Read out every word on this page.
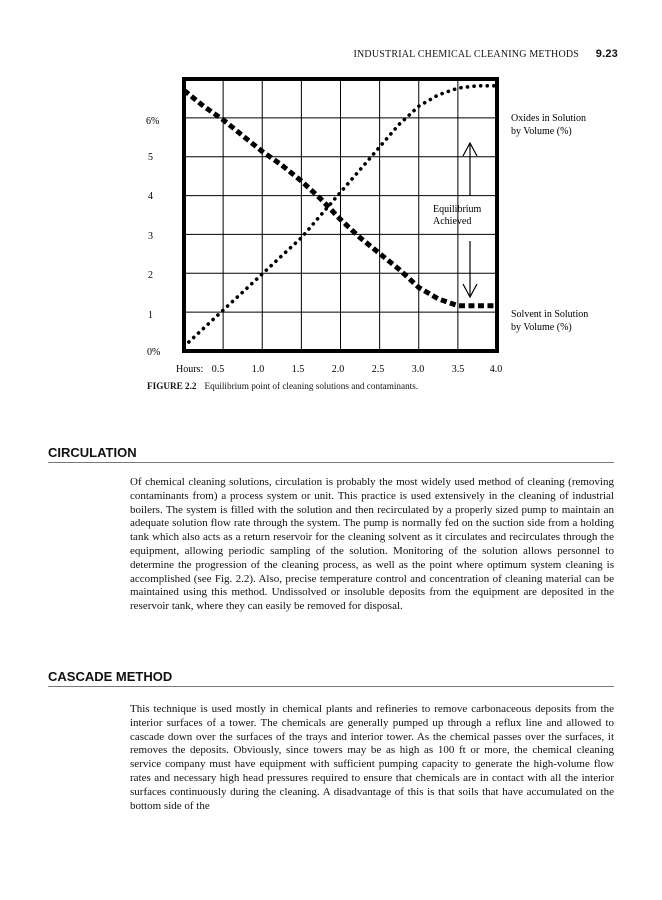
INDUSTRIAL CHEMICAL CLEANING METHODS 9.23
Hours: 0.5	1.0	1.5	2.0	2.5	3.0	3.5	4.0
0%
1
2
3
4
5
6%
Equilibrium
Achieved
Oxides in Solution
by Volume (%)
Solvent in Solution
by Volume (%)
FIGURE 2.2 Equilibrium point of cleaning solutions and contaminants.
CIRCULATION

Of chemical cleaning solutions, circulation is probably the most widely used method of cleaning (removing contaminants from) a process system or unit. This practice is used extensively in the cleaning of industrial boilers. The system is filled with the solution and then recirculated by a properly sized pump to maintain an adequate solution flow rate through the system. The pump is normally fed on the suction side from a holding tank which also acts as a return reservoir for the cleaning solvent as it circulates and recirculates through the equipment, allowing periodic sampling of the solution. Monitoring of the solution allows personnel to determine the progression of the cleaning process, as well as the point where optimum system cleaning is accomplished (see Fig. 2.2). Also, precise temperature control and concentration of cleaning material can be maintained using this method. Undissolved or insoluble deposits from the equipment are deposited in the reservoir tank, where they can easily be removed for disposal.

CASCADE METHOD

This technique is used mostly in chemical plants and refineries to remove carbonaceous deposits from the interior surfaces of a tower. The chemicals are generally pumped up through a reflux line and allowed to cascade down over the surfaces of the trays and interior tower. As the chemical passes over the surfaces, it removes the deposits. Obviously, since towers may be as high as 100 ft or more, the chemical cleaning service company must have equipment with sufficient pumping capacity to generate the high-volume flow rates and necessary high head pressures required to ensure that chemicals are in contact with all the interior surfaces continuously during the cleaning. A disadvantage of this is that soils that have accumulated on the bottom side of the
